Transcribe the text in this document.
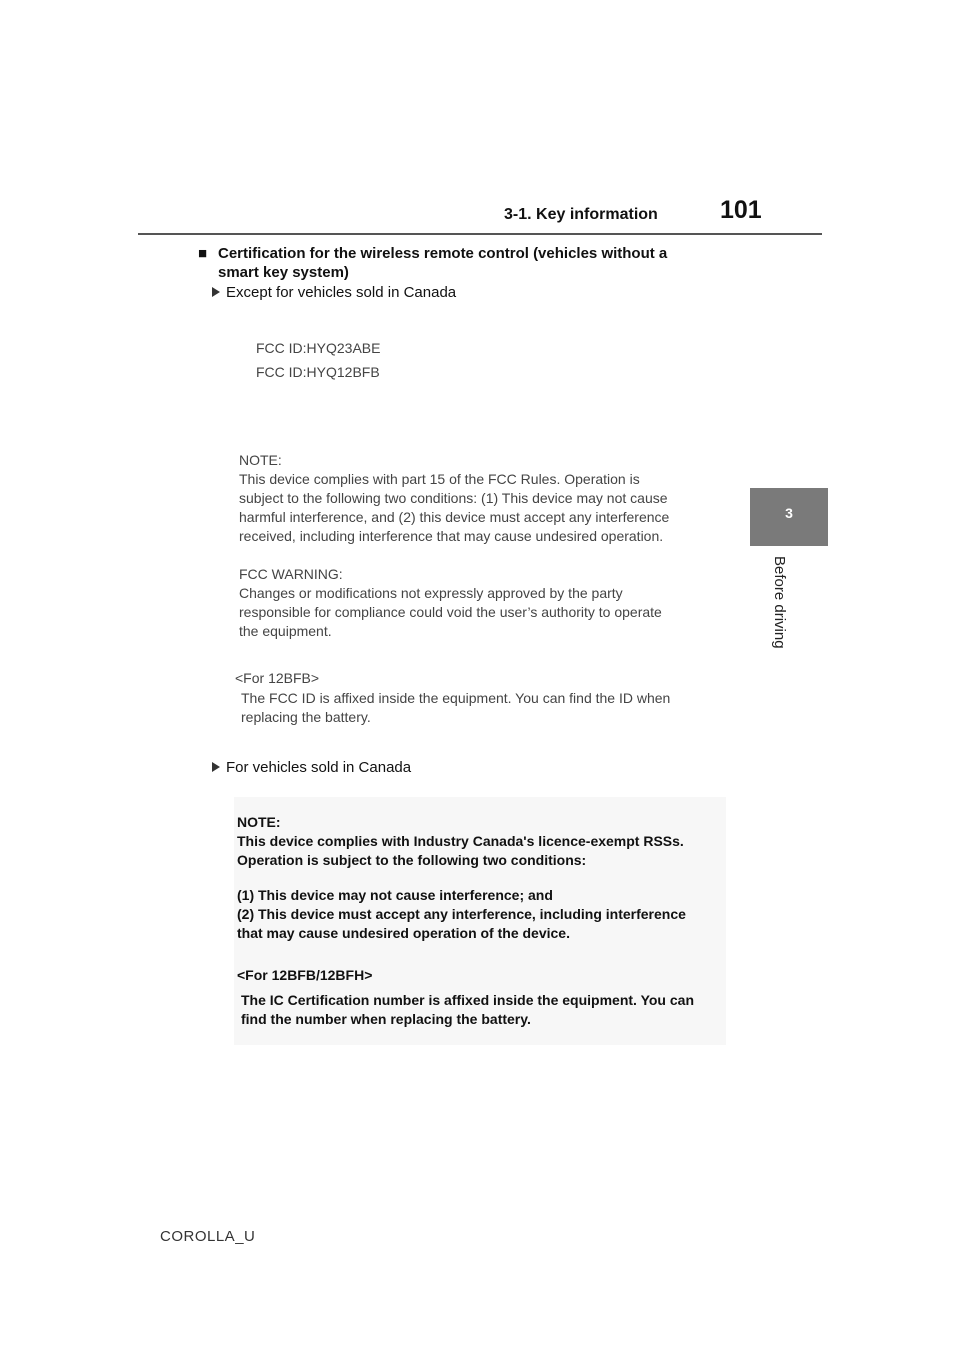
3-1. Key information 101
3
Before driving
■ Certification for the wireless remote control (vehicles without a
smart key system)
Except for vehicles sold in Canada

FCC ID:HYQ23ABE

FCC ID:HYQ12BFB

NOTE:

This device complies with part 15 of the FCC Rules. Operation is

subject to the following two conditions: (1) This device may not cause

harmful interference, and (2) this device must accept any interference

received, including interference that may cause undesired operation.

FCC WARNING:

Changes or modifications not expressly approved by the party

responsible for compliance could void the user’s authority to operate

the equipment.

<For 12BFB>

The FCC ID is affixed inside the equipment. You can find the ID when

replacing the battery.

For vehicles sold in Canada

NOTE:

This device complies with Industry Canada's licence-exempt RSSs.

Operation is subject to the following two conditions:

(1) This device may not cause interference; and

(2) This device must accept any interference, including interference

that may cause undesired operation of the device.

<For 12BFB/12BFH>

The IC Certification number is affixed inside the equipment. You can

find the number when replacing the battery.

COROLLA_U
